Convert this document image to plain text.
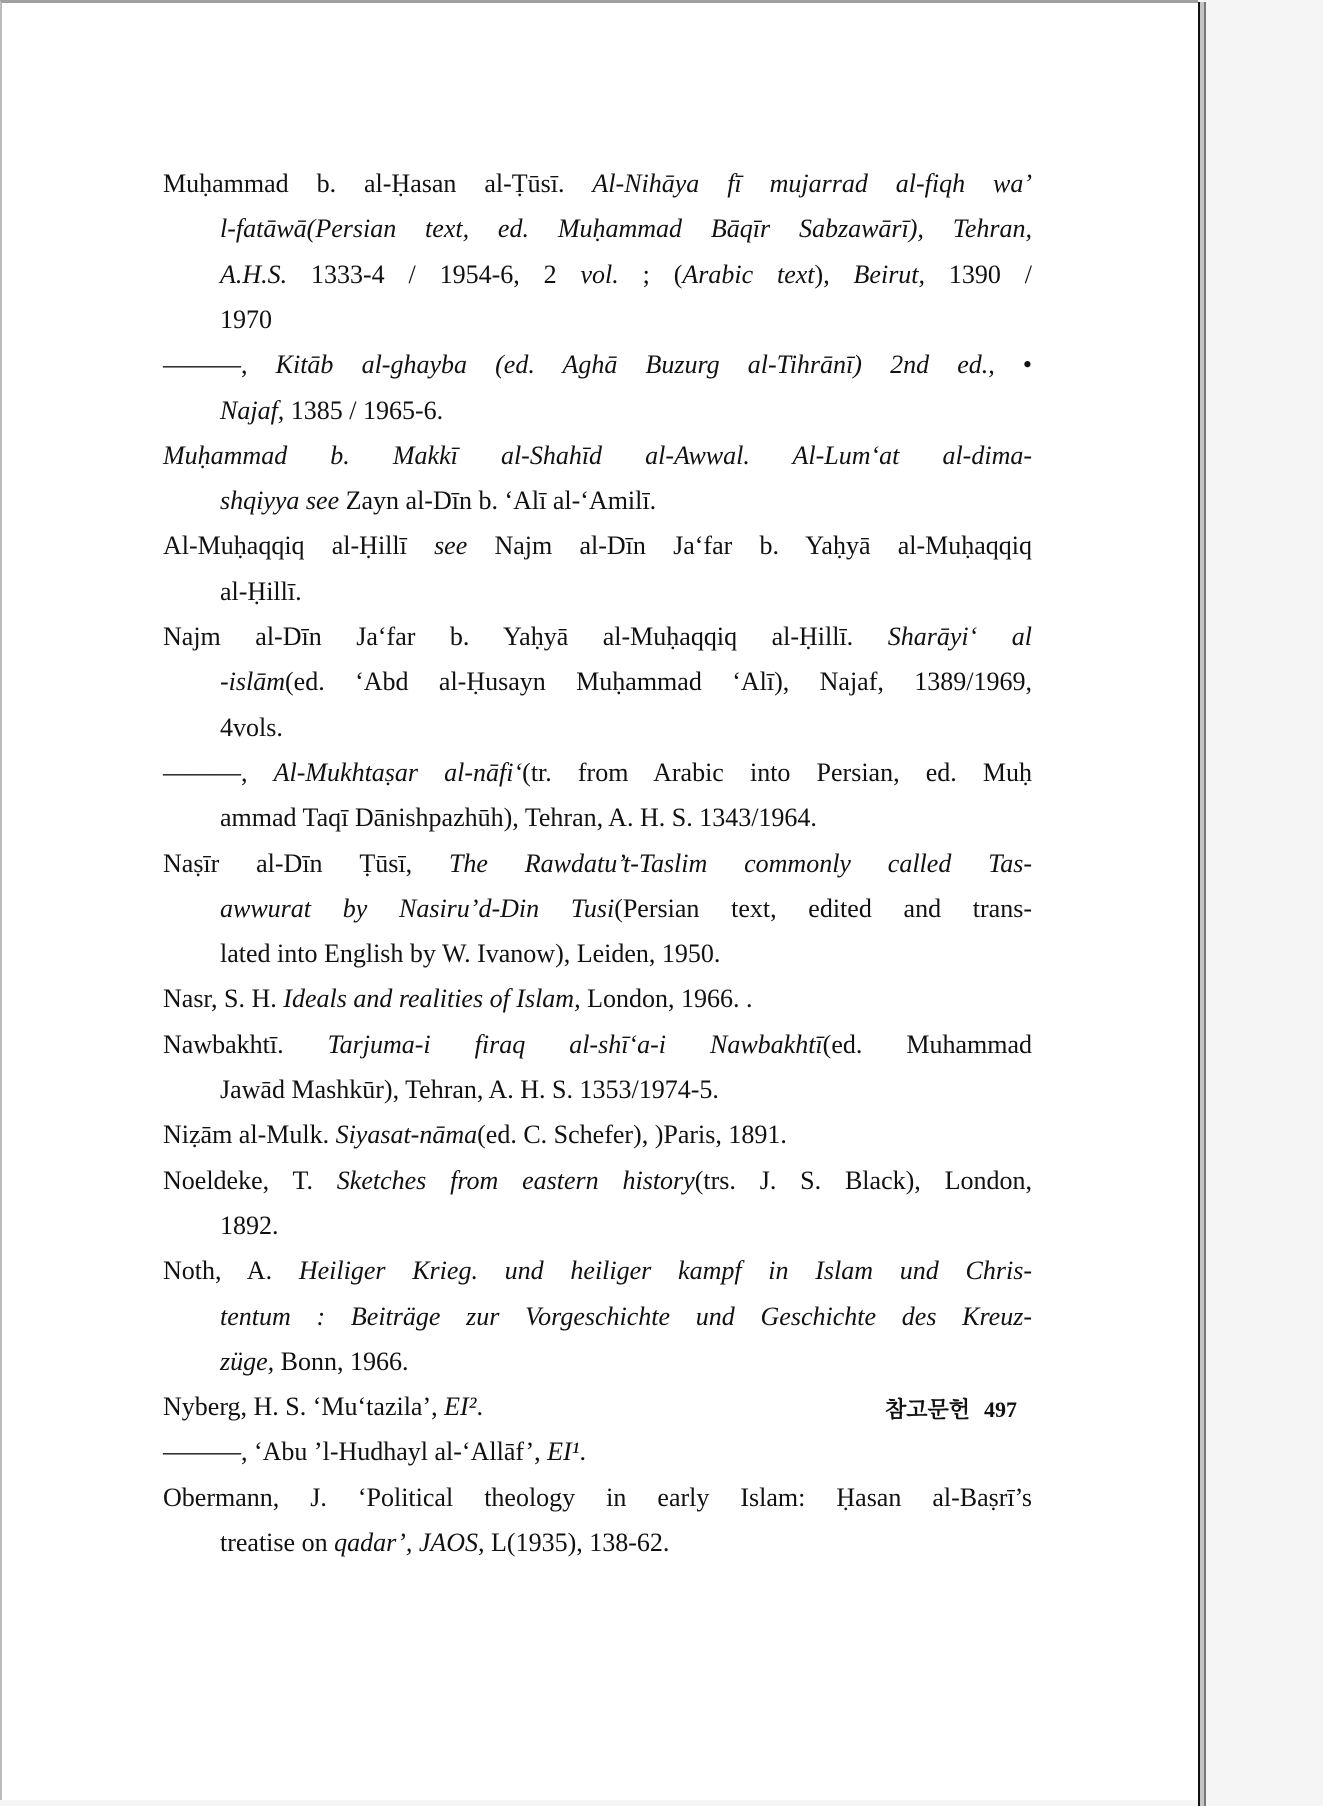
Muḥammad b. al-Ḥasan al-Ṭūsī. Al-Nihāya fī mujarrad al-fiqh wa’
l-fatāwā(Persian text, ed. Muḥammad Bāqīr Sabzawārī), Tehran,
A.H.S. 1333-4 / 1954-6, 2 vol. ; (Arabic text), Beirut, 1390 /
1970
———, Kitāb al-ghayba (ed. Aghā Buzurg al-Tihrānī) 2nd ed., •
Najaf, 1385 / 1965-6.
Muḥammad b. Makkī al-Shahīd al-Awwal. Al-Lum‘at al-dima-
shqiyya see Zayn al-Dīn b. ‘Alī al-‘Amilī.
Al-Muḥaqqiq al-Ḥillī see Najm al-Dīn Ja‘far b. Yaḥyā al-Muḥaqqiq
al-Ḥillī.
Najm al-Dīn Ja‘far b. Yaḥyā al-Muḥaqqiq al-Ḥillī. Sharāyi‘ al
-islām(ed. ‘Abd al-Ḥusayn Muḥammad ‘Alī), Najaf, 1389/1969,
4vols.
———, Al-Mukhtaṣar al-nāfi‘(tr. from Arabic into Persian, ed. Muḥ
ammad Taqī Dānishpazhūh), Tehran, A. H. S. 1343/1964.
Naṣīr al-Dīn Ṭūsī, The Rawdatu’t-Taslim commonly called Tas-
awwurat by Nasiru’d-Din Tusi(Persian text, edited and trans-
lated into English by W. Ivanow), Leiden, 1950.
Nasr, S. H. Ideals and realities of Islam, London, 1966. .
Nawbakhtī. Tarjuma-i firaq al-shī‘a-i Nawbakhtī(ed. Muhammad
Jawād Mashkūr), Tehran, A. H. S. 1353/1974-5.
Niẓām al-Mulk. Siyasat-nāma(ed. C. Schefer), )Paris, 1891.
Noeldeke, T. Sketches from eastern history(trs. J. S. Black), London,
1892.
Noth, A. Heiliger Krieg. und heiliger kampf in Islam und Chris-
tentum : Beiträge zur Vorgeschichte und Geschichte des Kreuz-
züge, Bonn, 1966.
Nyberg, H. S. ‘Mu‘tazila’, EI².
———, ‘Abu ’l-Hudhayl al-‘Allāf’, EI¹.
Obermann, J. ‘Political theology in early Islam: Ḥasan al-Baṣrī’s
treatise on qadar’, JAOS, L(1935), 138-62.
참고문헌 497
